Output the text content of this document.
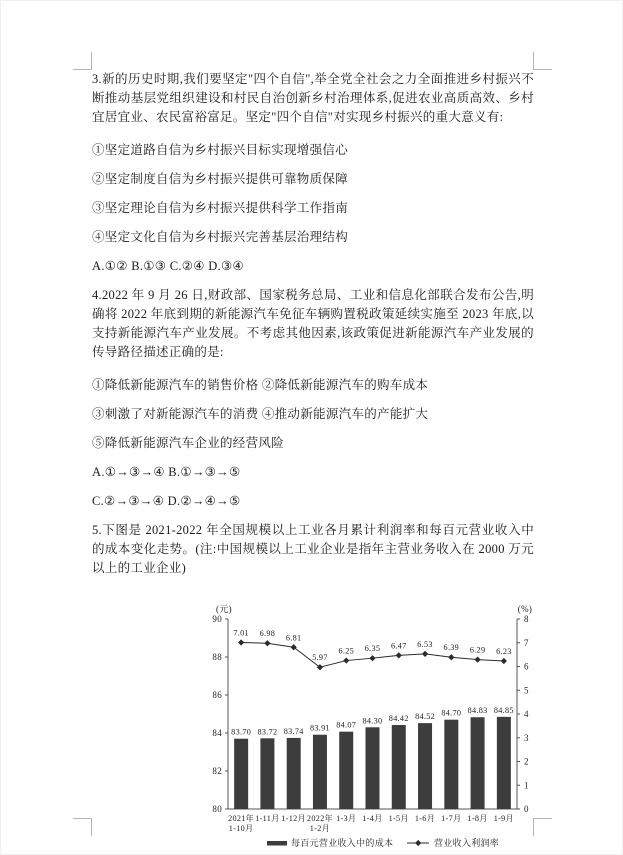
3.新的历史时期,我们要坚定"四个自信",举全党全社会之力全面推进乡村振兴不断推动基层党组织建设和村民自治创新乡村治理体系,促进农业高质高效、乡村宜居宜业、农民富裕富足。坚定"四个自信"对实现乡村振兴的重大意义有:

①坚定道路自信为乡村振兴目标实现增强信心

②坚定制度自信为乡村振兴提供可靠物质保障

③坚定理论自信为乡村振兴提供科学工作指南

④坚定文化自信为乡村振兴完善基层治理结构

A.①② B.①③ C.②④ D.③④

4.2022 年 9 月 26 日,财政部、国家税务总局、工业和信息化部联合发布公告,明确将 2022 年底到期的新能源汽车免征车辆购置税政策延续实施至 2023 年底,以支持新能源汽车产业发展。不考虑其他因素,该政策促进新能源汽车产业发展的传导路径描述正确的是:

①降低新能源汽车的销售价格 ②降低新能源汽车的购车成本

③刺激了对新能源汽车的消费 ④推动新能源汽车的产能扩大

⑤降低新能源汽车企业的经营风险

A.①→③→④ B.①→③→⑤

C.②→③→④ D.②→④→⑤

5.下图是 2021-2022 年全国规模以上工业各月累计利润率和每百元营业收入中的成本变化走势。(注:中国规模以上工业企业是指年主营业务收入在 2000 万元以上的工业企业)

(元)	(%)
80
82
84
86
88
90
0
1
2
3
4
5
6
7
8
83.70 83.72 83.74 83.91 84.07 84.30 84.42 84.52 84.70 84.83 84.85
7.01 6.98 6.81
5.97
6.25 6.35 6.47 6.53 6.39 6.29 6.23
2021年 1-10月
1-11月 1-12月 2022年 1-2月
1-3月 1-4月 1-5月 1-6月 1-7月 1-8月 1-9月
每百元营业收入中的成本	营业收入利润率
